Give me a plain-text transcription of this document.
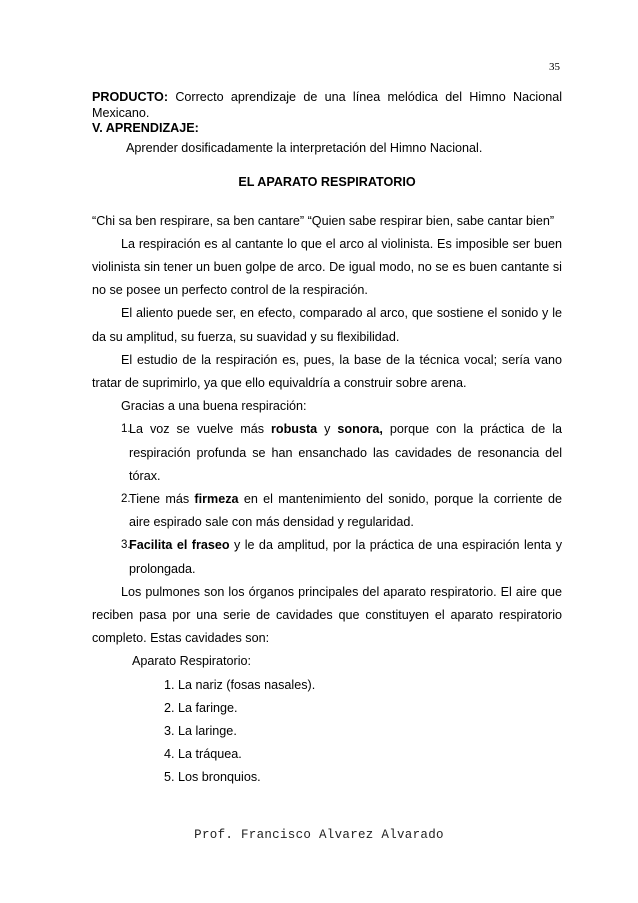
35

PRODUCTO: Correcto aprendizaje de una línea melódica del Himno Nacional Mexicano.

V. APRENDIZAJE:

Aprender dosificadamente la interpretación del Himno Nacional.

EL APARATO RESPIRATORIO

“Chi sa ben respirare, sa ben cantare” “Quien sabe respirar bien, sabe cantar bien”

La respiración es al cantante lo que el arco al violinista. Es imposible ser buen violinista sin tener un buen golpe de arco. De igual modo, no se es buen cantante si no se posee un perfecto control de la respiración.

El aliento puede ser, en efecto, comparado al arco, que sostiene el sonido y le da su amplitud, su fuerza, su suavidad y su flexibilidad.

El estudio de la respiración es, pues, la base de la técnica vocal; sería vano tratar de suprimirlo, ya que ello equivaldría a construir sobre arena.

Gracias a una buena respiración:

1.
La voz se vuelve más robusta y sonora, porque con la práctica de la respiración profunda se han ensanchado las cavidades de resonancia del tórax.
2.
Tiene más firmeza en el mantenimiento del sonido, porque la corriente de aire espirado sale con más densidad y regularidad.
3.
Facilita el fraseo y le da amplitud, por la práctica de una espiración lenta y prolongada.

Los pulmones son los órganos principales del aparato respiratorio. El aire que reciben pasa por una serie de cavidades que constituyen el aparato respiratorio completo. Estas cavidades son:

Aparato Respiratorio:

1. La nariz (fosas nasales).
2. La faringe.
3. La laringe.
4. La tráquea.
5. Los bronquios.
Prof. Francisco Alvarez Alvarado
